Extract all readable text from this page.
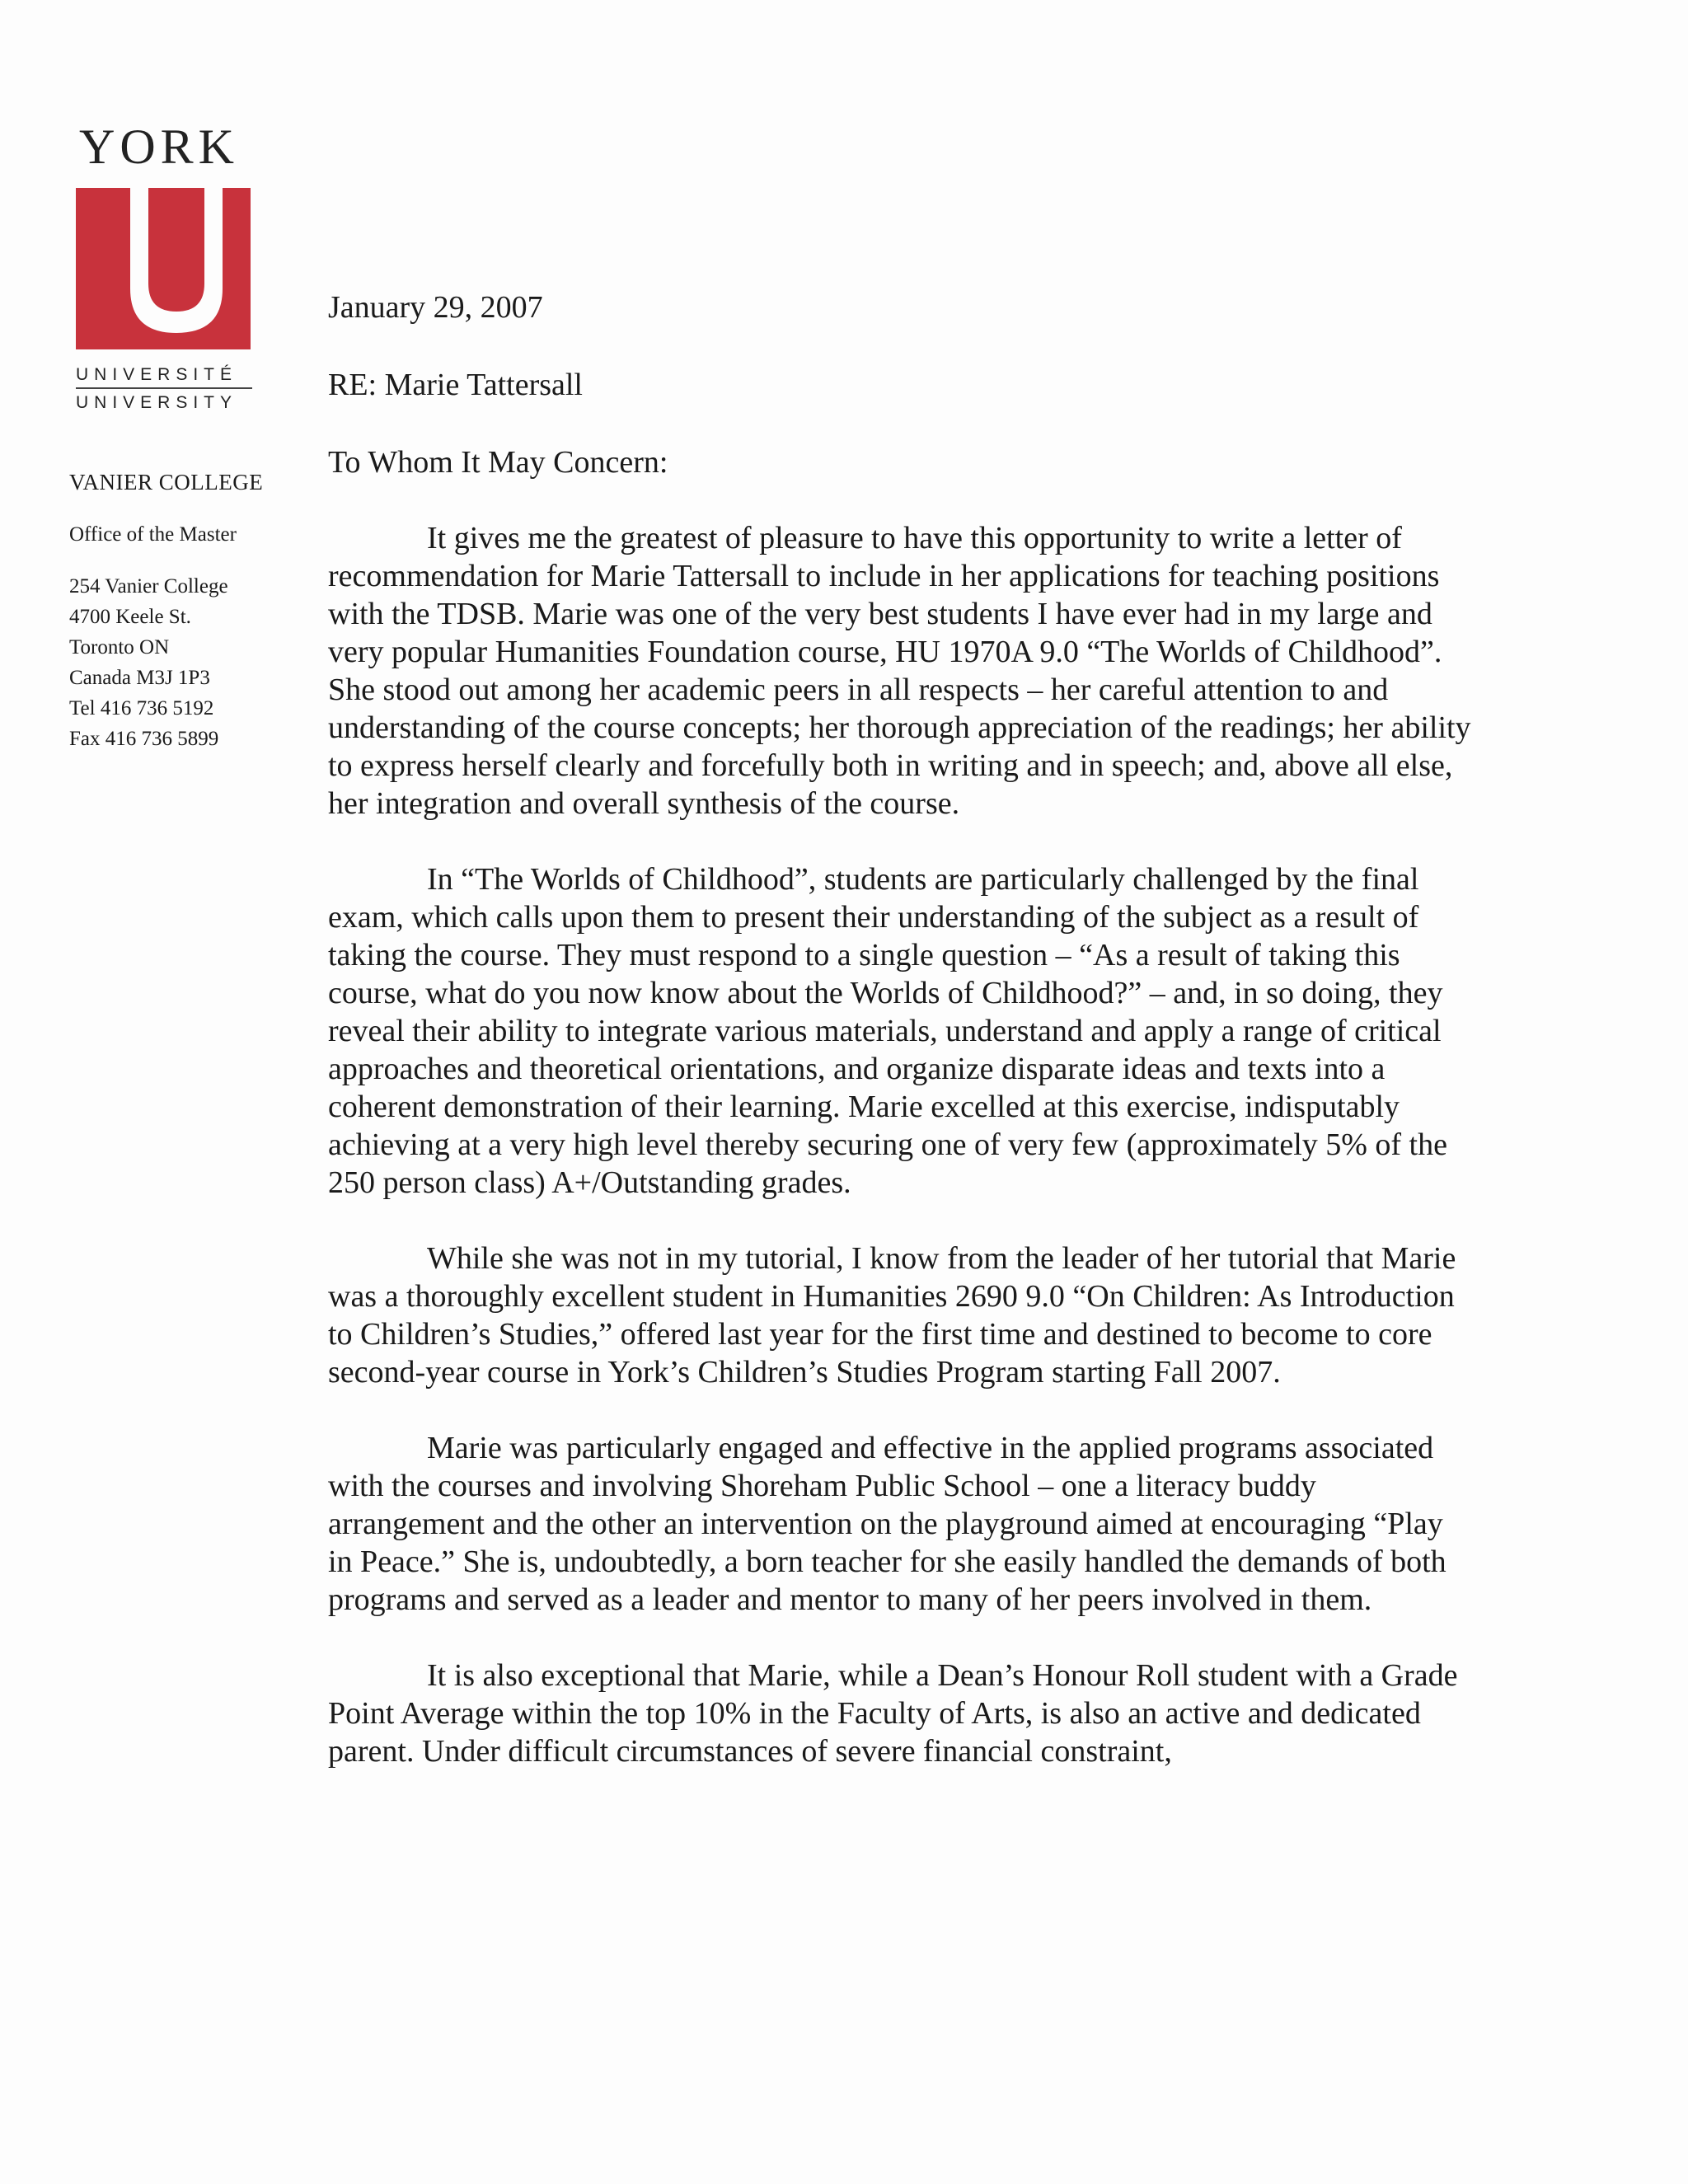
YORK
UNIVERSITÉ
UNIVERSITY
VANIER COLLEGE
Office of the Master
254 Vanier College
4700 Keele St.
Toronto ON
Canada M3J 1P3
Tel 416 736 5192
Fax 416 736 5899
January 29, 2007
RE: Marie Tattersall
To Whom It May Concern:

It gives me the greatest of pleasure to have this opportunity to write a letter of recommendation for Marie Tattersall to include in her applications for teaching positions with the TDSB. Marie was one of the very best students I have ever had in my large and very popular Humanities Foundation course, HU 1970A 9.0 “The Worlds of Childhood”. She stood out among her academic peers in all respects – her careful attention to and understanding of the course concepts; her thorough appreciation of the readings; her ability to express herself clearly and forcefully both in writing and in speech; and, above all else, her integration and overall synthesis of the course.

In “The Worlds of Childhood”, students are particularly challenged by the final exam, which calls upon them to present their understanding of the subject as a result of taking the course. They must respond to a single question – “As a result of taking this course, what do you now know about the Worlds of Childhood?” – and, in so doing, they reveal their ability to integrate various materials, understand and apply a range of critical approaches and theoretical orientations, and organize disparate ideas and texts into a coherent demonstration of their learning. Marie excelled at this exercise, indisputably achieving at a very high level thereby securing one of very few (approximately 5% of the 250 person class) A+/Outstanding grades.

While she was not in my tutorial, I know from the leader of her tutorial that Marie was a thoroughly excellent student in Humanities 2690 9.0 “On Children: As Introduction to Children’s Studies,” offered last year for the first time and destined to become to core second-year course in York’s Children’s Studies Program starting Fall 2007.

Marie was particularly engaged and effective in the applied programs associated with the courses and involving Shoreham Public School – one a literacy buddy arrangement and the other an intervention on the playground aimed at encouraging “Play in Peace.” She is, undoubtedly, a born teacher for she easily handled the demands of both programs and served as a leader and mentor to many of her peers involved in them.

It is also exceptional that Marie, while a Dean’s Honour Roll student with a Grade Point Average within the top 10% in the Faculty of Arts, is also an active and dedicated parent. Under difficult circumstances of severe financial constraint,
